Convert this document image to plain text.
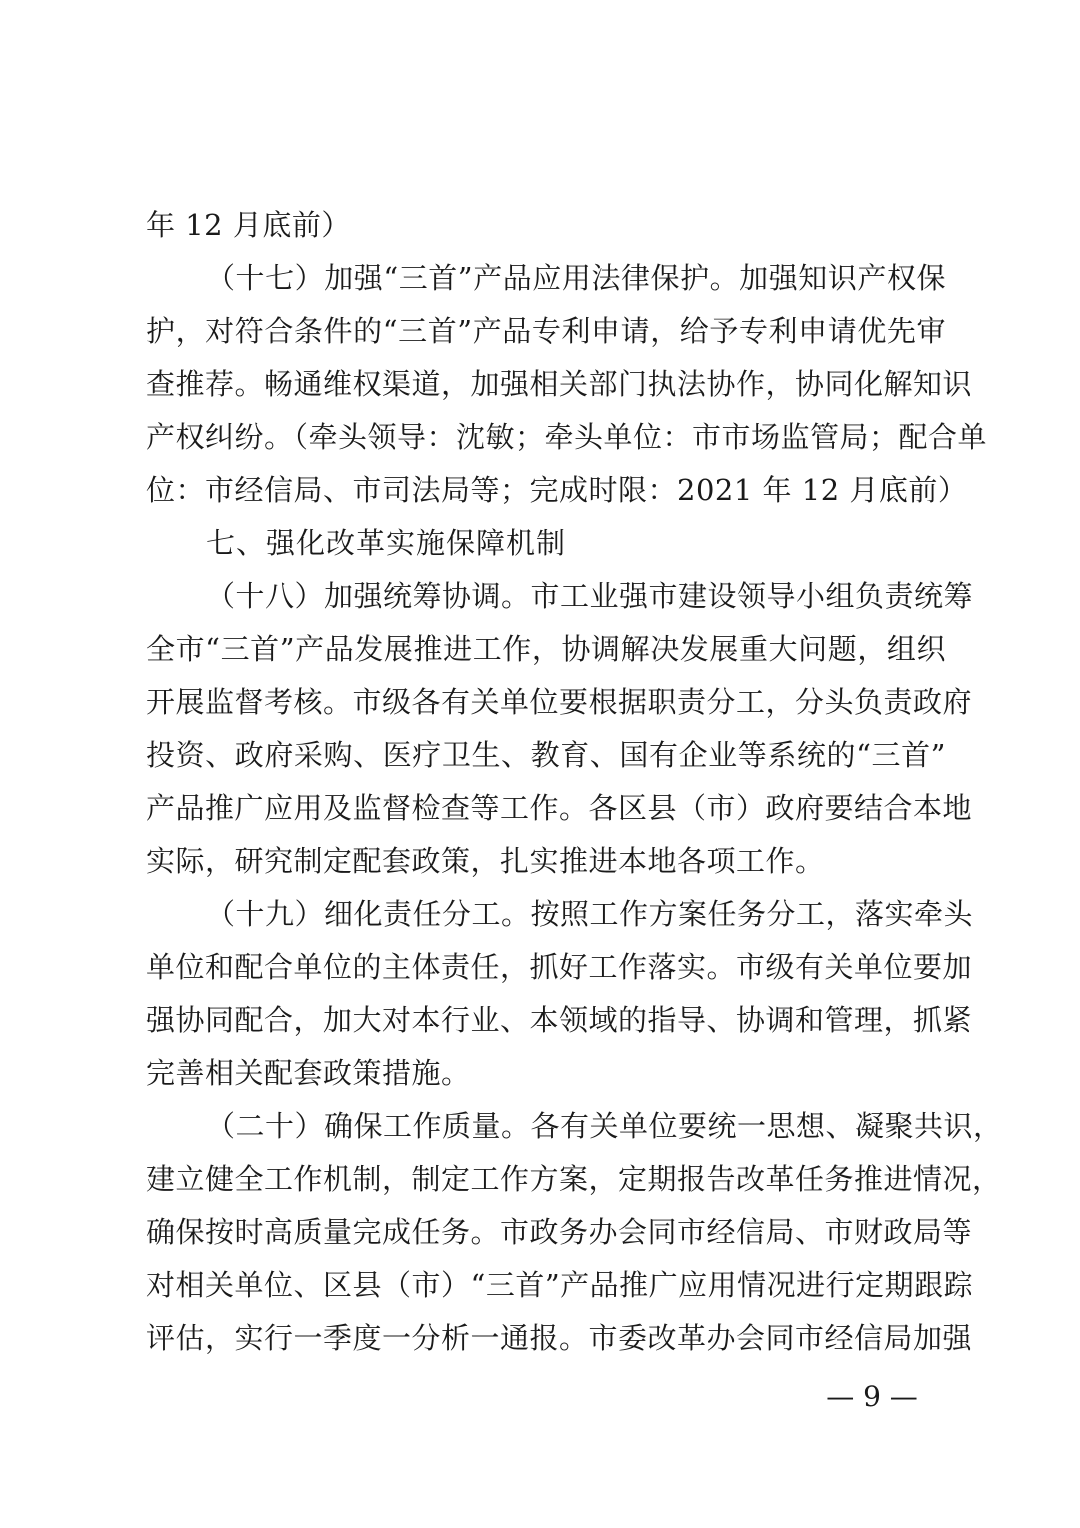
年 12 月底前）
（十七）加强“三首”产品应用法律保护。加强知识产权保
护，对符合条件的“三首”产品专利申请，给予专利申请优先审
查推荐。畅通维权渠道，加强相关部门执法协作，协同化解知识
产权纠纷。（牵头领导：沈敏；牵头单位：市市场监管局；配合单
位：市经信局、市司法局等；完成时限：2021 年 12 月底前）
七、强化改革实施保障机制
（十八）加强统筹协调。市工业强市建设领导小组负责统筹
全市“三首”产品发展推进工作，协调解决发展重大问题，组织
开展监督考核。市级各有关单位要根据职责分工，分头负责政府
投资、政府采购、医疗卫生、教育、国有企业等系统的“三首”
产品推广应用及监督检查等工作。各区县（市）政府要结合本地
实际，研究制定配套政策，扎实推进本地各项工作。
（十九）细化责任分工。按照工作方案任务分工，落实牵头
单位和配合单位的主体责任，抓好工作落实。市级有关单位要加
强协同配合，加大对本行业、本领域的指导、协调和管理，抓紧
完善相关配套政策措施。
（二十）确保工作质量。各有关单位要统一思想、凝聚共识，
建立健全工作机制，制定工作方案，定期报告改革任务推进情况，
确保按时高质量完成任务。市政务办会同市经信局、市财政局等
对相关单位、区县（市）“三首”产品推广应用情况进行定期跟踪
评估，实行一季度一分析一通报。市委改革办会同市经信局加强
— 9 —
